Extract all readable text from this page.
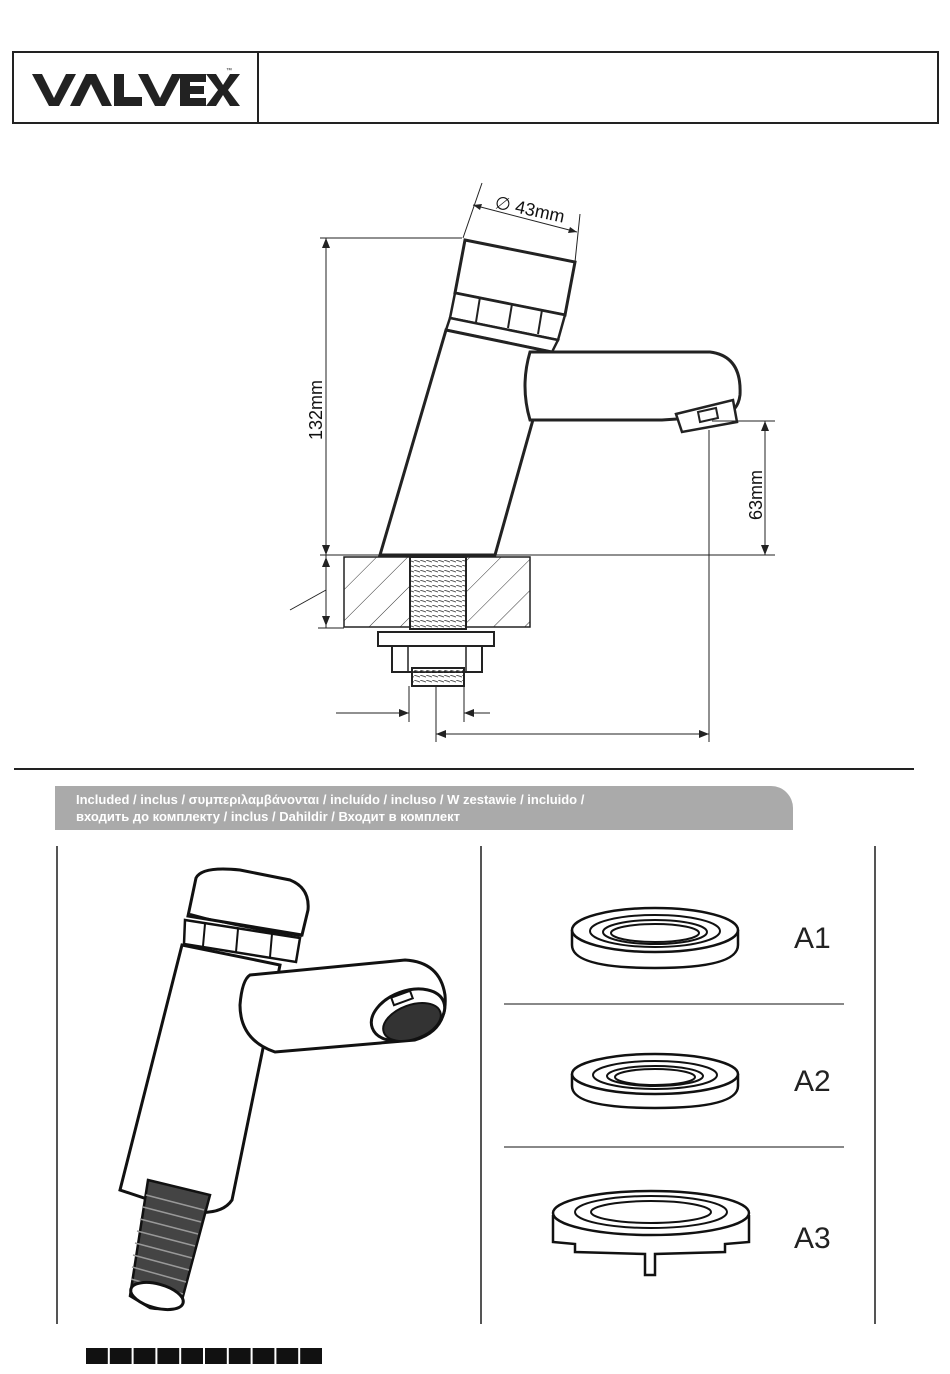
™
∅ 43mm
132mm
63mm
Included / inclus / συμπεριλαμβάνονται / incluído / incluso / W zestawie / incluido /
входить до комплекту / inclus / Dahildir / Входит в комплект
A1
A2
A3
